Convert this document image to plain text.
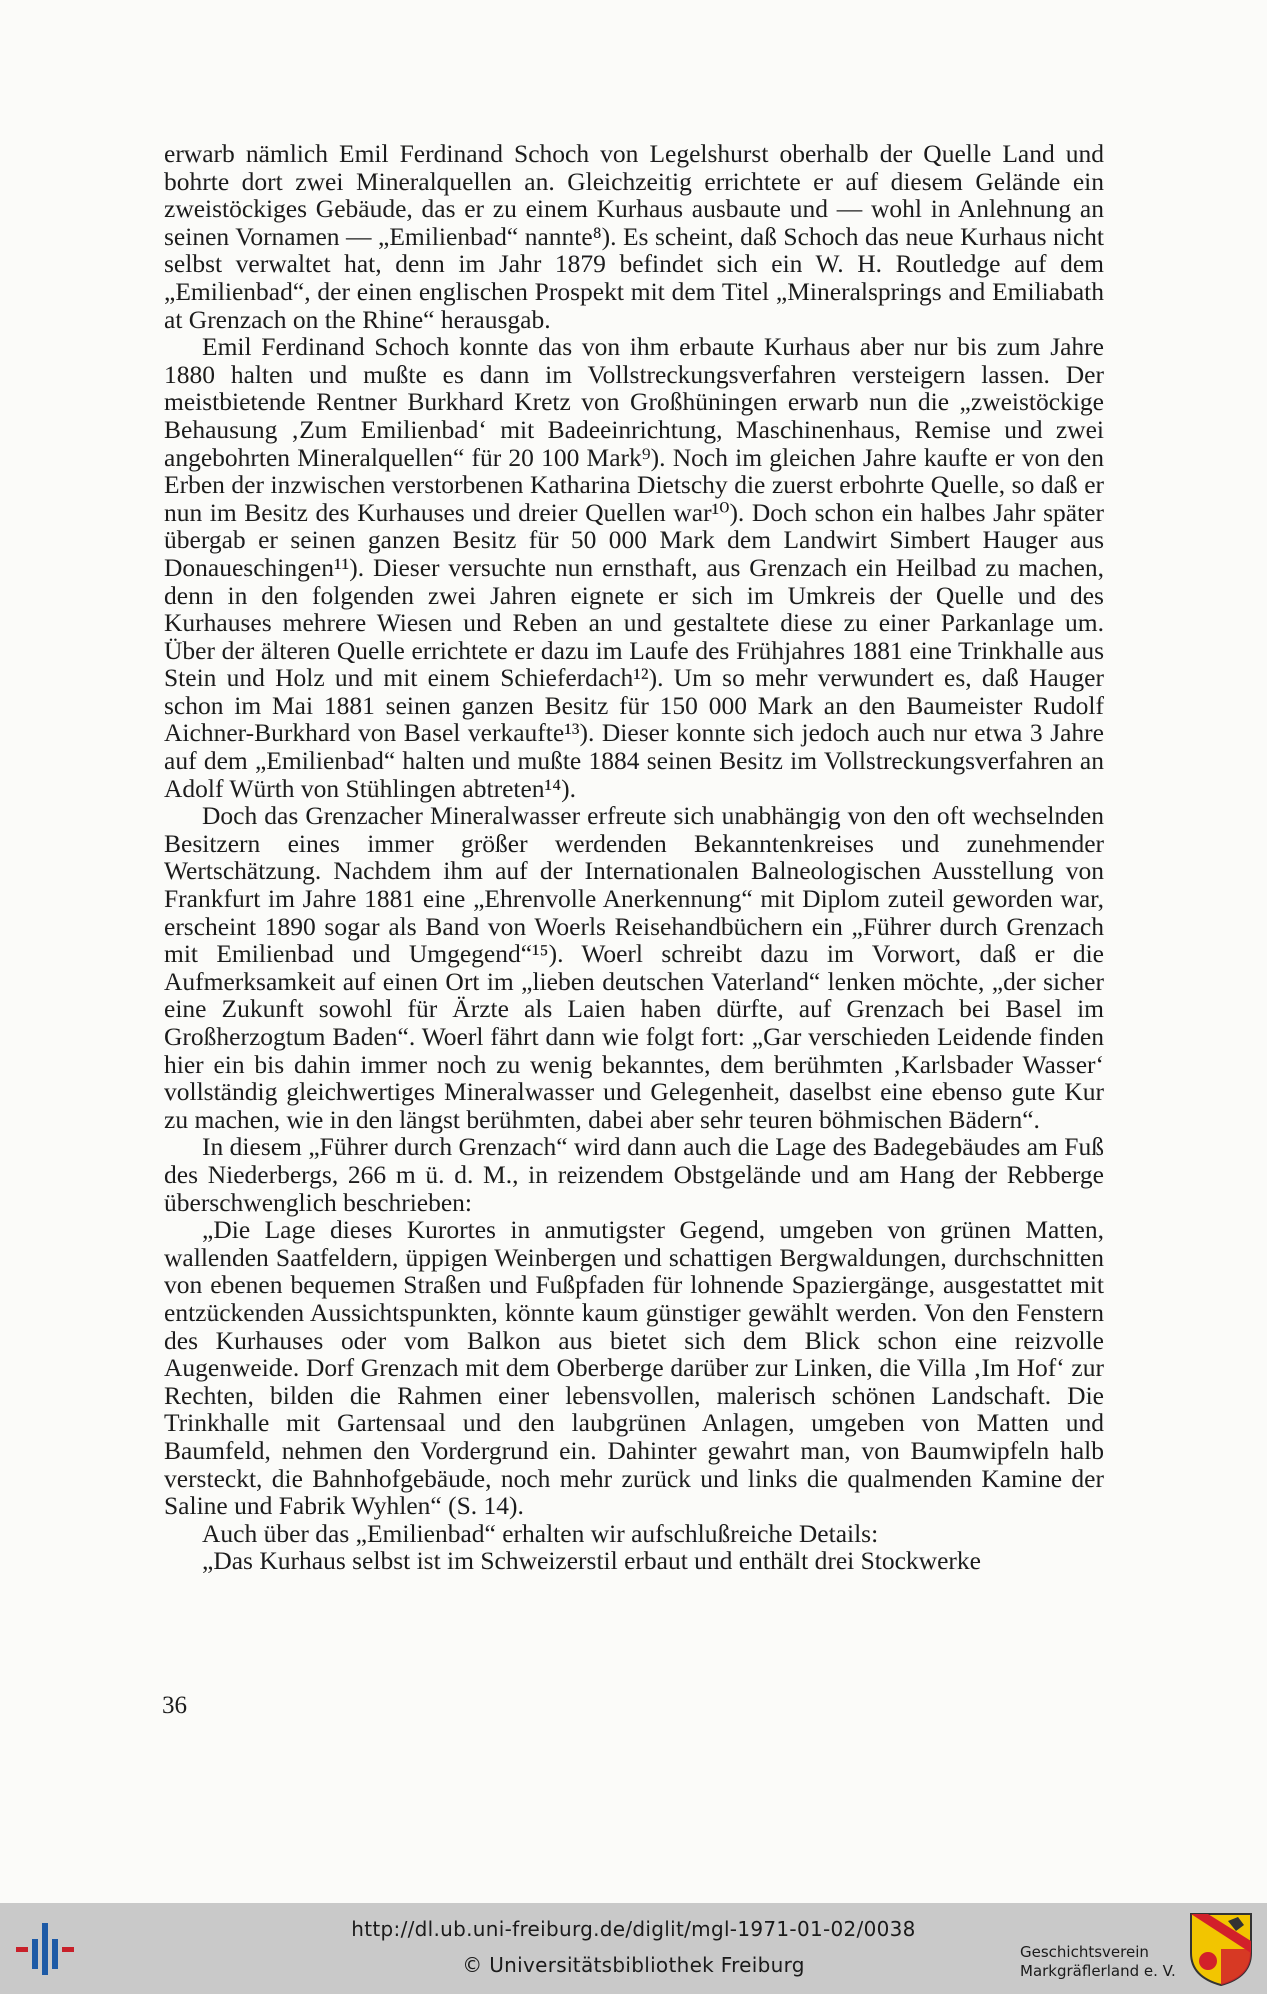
erwarb nämlich Emil Ferdinand Schoch von Legelshurst oberhalb der Quelle Land und bohrte dort zwei Mineralquellen an. Gleichzeitig errichtete er auf diesem Gelände ein zweistöckiges Gebäude, das er zu einem Kurhaus ausbaute und — wohl in Anlehnung an seinen Vornamen — „Emilienbad“ nannte⁸). Es scheint, daß Schoch das neue Kurhaus nicht selbst verwaltet hat, denn im Jahr 1879 befindet sich ein W. H. Routledge auf dem „Emilienbad“, der einen englischen Prospekt mit dem Titel „Mineralsprings and Emiliabath at Grenzach on the Rhine“ herausgab.

Emil Ferdinand Schoch konnte das von ihm erbaute Kurhaus aber nur bis zum Jahre 1880 halten und mußte es dann im Vollstreckungsverfahren versteigern lassen. Der meistbietende Rentner Burkhard Kretz von Großhüningen erwarb nun die „zweistöckige Behausung ‚Zum Emilienbad‘ mit Badeeinrichtung, Maschinenhaus, Remise und zwei angebohrten Mineralquellen“ für 20 100 Mark⁹). Noch im gleichen Jahre kaufte er von den Erben der inzwischen verstorbenen Katharina Dietschy die zuerst erbohrte Quelle, so daß er nun im Besitz des Kurhauses und dreier Quellen war¹⁰). Doch schon ein halbes Jahr später übergab er seinen ganzen Besitz für 50 000 Mark dem Landwirt Simbert Hauger aus Donaueschingen¹¹). Dieser versuchte nun ernsthaft, aus Grenzach ein Heilbad zu machen, denn in den folgenden zwei Jahren eignete er sich im Umkreis der Quelle und des Kurhauses mehrere Wiesen und Reben an und gestaltete diese zu einer Parkanlage um. Über der älteren Quelle errichtete er dazu im Laufe des Frühjahres 1881 eine Trinkhalle aus Stein und Holz und mit einem Schieferdach¹²). Um so mehr verwundert es, daß Hauger schon im Mai 1881 seinen ganzen Besitz für 150 000 Mark an den Baumeister Rudolf Aichner-Burkhard von Basel verkaufte¹³). Dieser konnte sich jedoch auch nur etwa 3 Jahre auf dem „Emilienbad“ halten und mußte 1884 seinen Besitz im Vollstreckungsverfahren an Adolf Würth von Stühlingen abtreten¹⁴).

Doch das Grenzacher Mineralwasser erfreute sich unabhängig von den oft wechselnden Besitzern eines immer größer werdenden Bekanntenkreises und zunehmender Wertschätzung. Nachdem ihm auf der Internationalen Balneologischen Ausstellung von Frankfurt im Jahre 1881 eine „Ehrenvolle Anerkennung“ mit Diplom zuteil geworden war, erscheint 1890 sogar als Band von Woerls Reisehandbüchern ein „Führer durch Grenzach mit Emilienbad und Umgegend“¹⁵). Woerl schreibt dazu im Vorwort, daß er die Aufmerksamkeit auf einen Ort im „lieben deutschen Vaterland“ lenken möchte, „der sicher eine Zukunft sowohl für Ärzte als Laien haben dürfte, auf Grenzach bei Basel im Großherzogtum Baden“. Woerl fährt dann wie folgt fort: „Gar verschieden Leidende finden hier ein bis dahin immer noch zu wenig bekanntes, dem berühmten ‚Karlsbader Wasser‘ vollständig gleichwertiges Mineralwasser und Gelegenheit, daselbst eine ebenso gute Kur zu machen, wie in den längst berühmten, dabei aber sehr teuren böhmischen Bädern“.

In diesem „Führer durch Grenzach“ wird dann auch die Lage des Badegebäudes am Fuß des Niederbergs, 266 m ü. d. M., in reizendem Obstgelände und am Hang der Rebberge überschwenglich beschrieben:

„Die Lage dieses Kurortes in anmutigster Gegend, umgeben von grünen Matten, wallenden Saatfeldern, üppigen Weinbergen und schattigen Bergwaldungen, durchschnitten von ebenen bequemen Straßen und Fußpfaden für lohnende Spaziergänge, ausgestattet mit entzückenden Aussichtspunkten, könnte kaum günstiger gewählt werden. Von den Fenstern des Kurhauses oder vom Balkon aus bietet sich dem Blick schon eine reizvolle Augenweide. Dorf Grenzach mit dem Oberberge darüber zur Linken, die Villa ‚Im Hof‘ zur Rechten, bilden die Rahmen einer lebensvollen, malerisch schönen Landschaft. Die Trinkhalle mit Gartensaal und den laubgrünen Anlagen, umgeben von Matten und Baumfeld, nehmen den Vordergrund ein. Dahinter gewahrt man, von Baumwipfeln halb versteckt, die Bahnhofgebäude, noch mehr zurück und links die qualmenden Kamine der Saline und Fabrik Wyhlen“ (S. 14).

Auch über das „Emilienbad“ erhalten wir aufschlußreiche Details:

„Das Kurhaus selbst ist im Schweizerstil erbaut und enthält drei Stockwerke

36
http://dl.ub.uni-freiburg.de/diglit/mgl-1971-01-02/0038
© Universitätsbibliothek Freiburg
Geschichtsverein
Markgräflerland e. V.
